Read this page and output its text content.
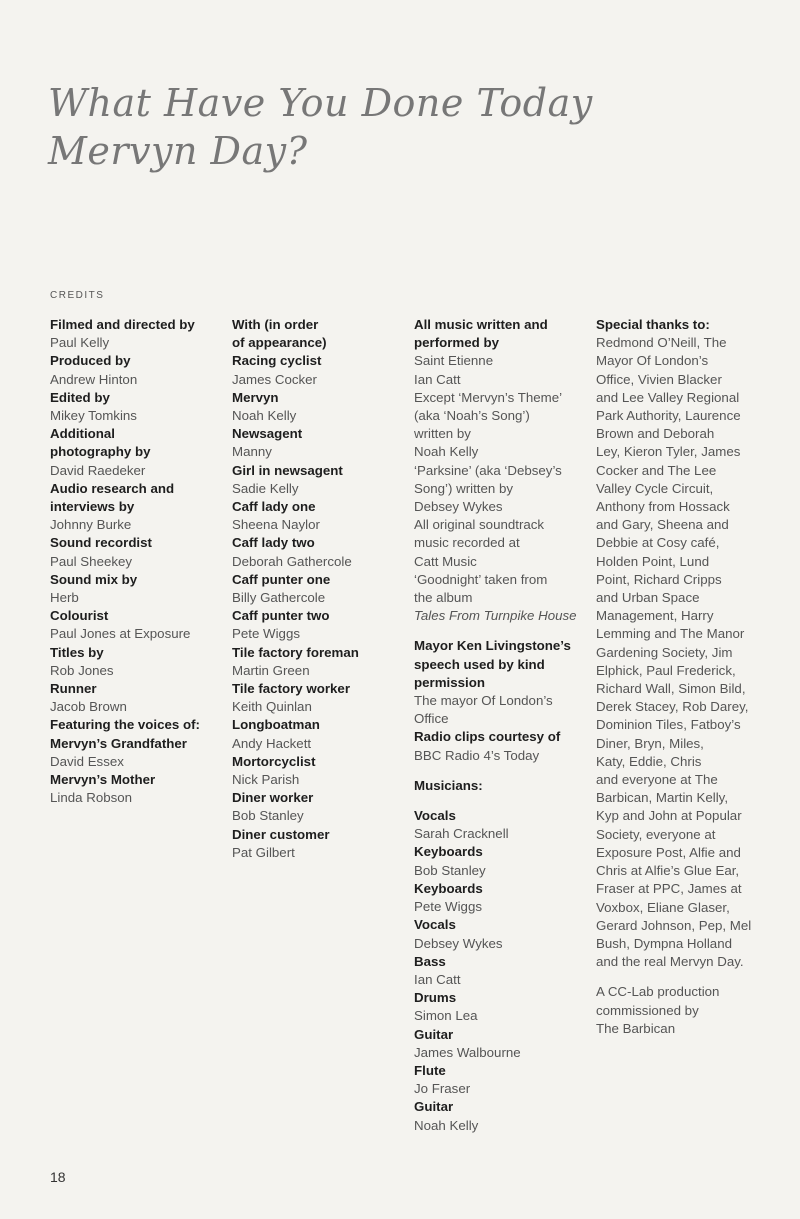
What Have You Done Today
Mervyn Day?
CREDITS
Filmed and directed by
Paul Kelly
Produced by
Andrew Hinton
Edited by
Mikey Tomkins
Additional
photography by
David Raedeker
Audio research and
interviews by
Johnny Burke
Sound recordist
Paul Sheekey
Sound mix by
Herb
Colourist
Paul Jones at Exposure
Titles by
Rob Jones
Runner
Jacob Brown
Featuring the voices of:
Mervyn’s Grandfather
David Essex
Mervyn’s Mother
Linda Robson
With (in order
of appearance)
Racing cyclist
James Cocker
Mervyn
Noah Kelly
Newsagent
Manny
Girl in newsagent
Sadie Kelly
Caff lady one
Sheena Naylor
Caff lady two
Deborah Gathercole
Caff punter one
Billy Gathercole
Caff punter two
Pete Wiggs
Tile factory foreman
Martin Green
Tile factory worker
Keith Quinlan
Longboatman
Andy Hackett
Mortorcyclist
Nick Parish
Diner worker
Bob Stanley
Diner customer
Pat Gilbert
All music written and
performed by
Saint Etienne
Ian Catt
Except ‘Mervyn’s Theme’
(aka ‘Noah’s Song’)
written by
Noah Kelly
‘Parksine’ (aka ‘Debsey’s
Song’) written by
Debsey Wykes
All original soundtrack
music recorded at
Catt Music
‘Goodnight’ taken from
the album
Tales From Turnpike House
Mayor Ken Livingstone’s
speech used by kind
permission
The mayor Of London’s
Office
Radio clips courtesy of
BBC Radio 4’s Today
Musicians:
Vocals
Sarah Cracknell
Keyboards
Bob Stanley
Keyboards
Pete Wiggs
Vocals
Debsey Wykes
Bass
Ian Catt
Drums
Simon Lea
Guitar
James Walbourne
Flute
Jo Fraser
Guitar
Noah Kelly
Special thanks to:
Redmond O’Neill, The
Mayor Of London’s
Office, Vivien Blacker
and Lee Valley Regional
Park Authority, Laurence
Brown and Deborah
Ley, Kieron Tyler, James
Cocker and The Lee
Valley Cycle Circuit,
Anthony from Hossack
and Gary, Sheena and
Debbie at Cosy café,
Holden Point, Lund
Point, Richard Cripps
and Urban Space
Management, Harry
Lemming and The Manor
Gardening Society, Jim
Elphick, Paul Frederick,
Richard Wall, Simon Bild,
Derek Stacey, Rob Darey,
Dominion Tiles, Fatboy’s
Diner, Bryn, Miles,
Katy, Eddie, Chris
and everyone at The
Barbican, Martin Kelly,
Kyp and John at Popular
Society, everyone at
Exposure Post, Alfie and
Chris at Alfie’s Glue Ear,
Fraser at PPC, James at
Voxbox, Eliane Glaser,
Gerard Johnson, Pep, Mel
Bush, Dympna Holland
and the real Mervyn Day.
A CC-Lab production
commissioned by
The Barbican
18
